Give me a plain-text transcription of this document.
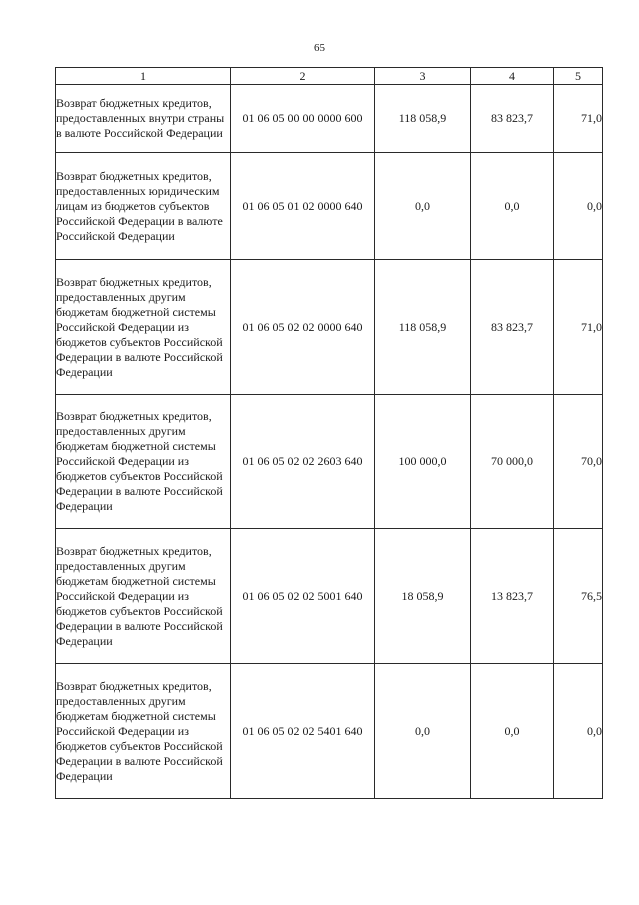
65
1	2	3	4	5
Возврат бюджетных кредитов, предоставленных внутри страны в валюте Российской Федерации	01 06 05 00 00 0000 600	118 058,9	83 823,7	71,0
Возврат бюджетных кредитов, предоставленных юридическим лицам из бюджетов субъектов Российской Федерации в валюте Российской Федерации	01 06 05 01 02 0000 640	0,0	0,0	0,0
Возврат бюджетных кредитов, предоставленных другим бюджетам бюджетной системы Российской Федерации из бюджетов субъектов Российской Федерации в валюте Российской Федерации	01 06 05 02 02 0000 640	118 058,9	83 823,7	71,0
Возврат бюджетных кредитов, предоставленных другим бюджетам бюджетной системы Российской Федерации из бюджетов субъектов Российской Федерации в валюте Российской Федерации	01 06 05 02 02 2603 640	100 000,0	70 000,0	70,0
Возврат бюджетных кредитов, предоставленных другим бюджетам бюджетной системы Российской Федерации из бюджетов субъектов Российской Федерации в валюте Российской Федерации	01 06 05 02 02 5001 640	18 058,9	13 823,7	76,5
Возврат бюджетных кредитов, предоставленных другим бюджетам бюджетной системы Российской Федерации из бюджетов субъектов Российской Федерации в валюте Российской Федерации	01 06 05 02 02 5401 640	0,0	0,0	0,0
